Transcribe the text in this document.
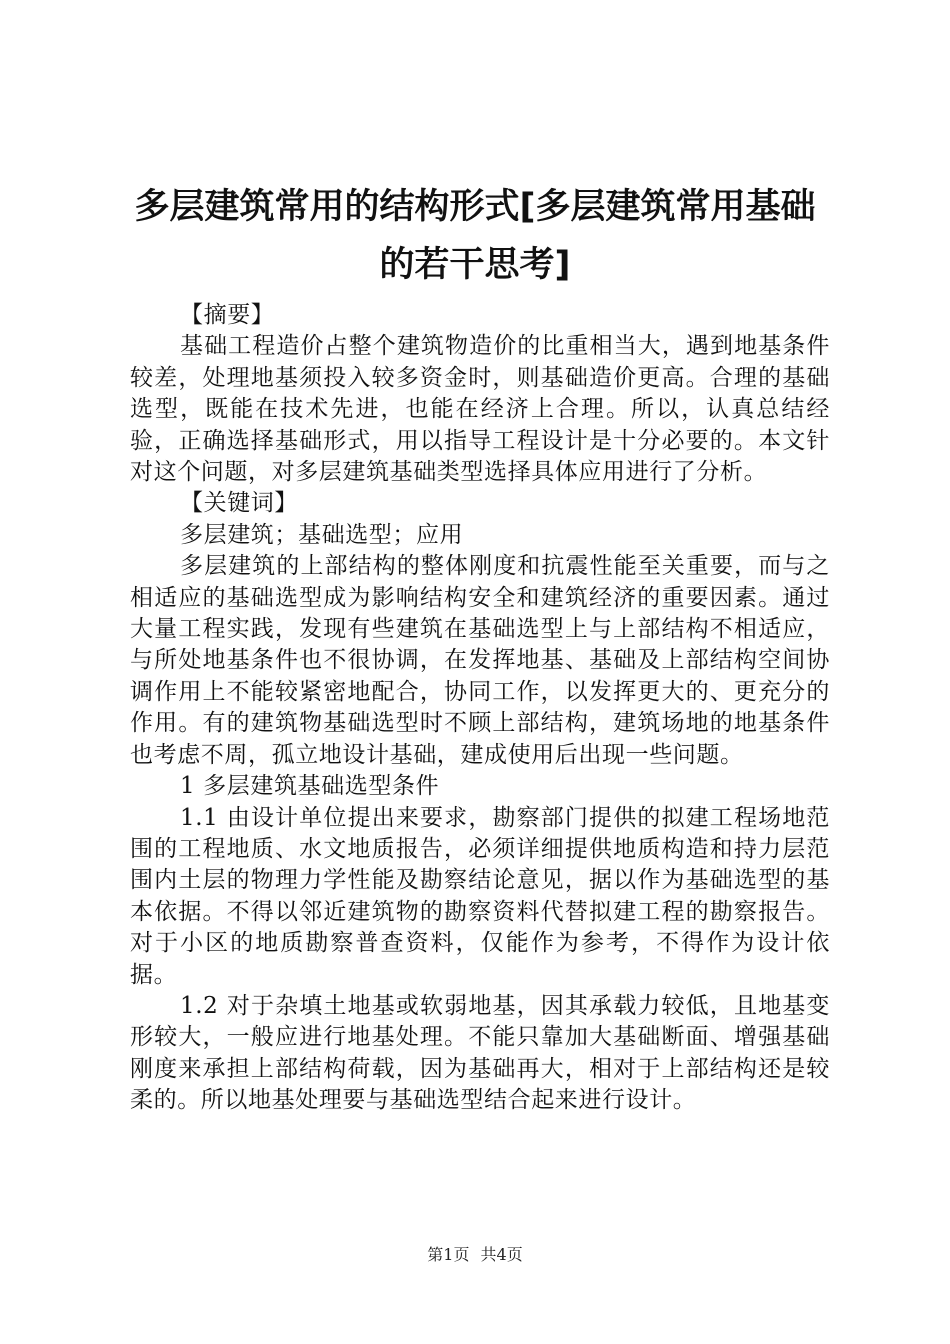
多层建筑常用的结构形式[多层建筑常用基础
的若干思考]

【摘要】

基础工程造价占整个建筑物造价的比重相当大，遇到地基条件较差，处理地基须投入较多资金时，则基础造价更高。合理的基础选型，既能在技术先进，也能在经济上合理。所以，认真总结经验，正确选择基础形式，用以指导工程设计是十分必要的。本文针对这个问题，对多层建筑基础类型选择具体应用进行了分析。

【关键词】

多层建筑；基础选型；应用

多层建筑的上部结构的整体刚度和抗震性能至关重要，而与之相适应的基础选型成为影响结构安全和建筑经济的重要因素。通过大量工程实践，发现有些建筑在基础选型上与上部结构不相适应，与所处地基条件也不很协调，在发挥地基、基础及上部结构空间协调作用上不能较紧密地配合，协同工作，以发挥更大的、更充分的作用。有的建筑物基础选型时不顾上部结构，建筑场地的地基条件也考虑不周，孤立地设计基础，建成使用后出现一些问题。

1 多层建筑基础选型条件

1.1 由设计单位提出来要求，勘察部门提供的拟建工程场地范围的工程地质、水文地质报告，必须详细提供地质构造和持力层范围内土层的物理力学性能及勘察结论意见，据以作为基础选型的基本依据。不得以邻近建筑物的勘察资料代替拟建工程的勘察报告。对于小区的地质勘察普查资料，仅能作为参考，不得作为设计依据。

1.2 对于杂填土地基或软弱地基，因其承载力较低，且地基变形较大，一般应进行地基处理。不能只靠加大基础断面、增强基础刚度来承担上部结构荷载，因为基础再大，相对于上部结构还是较柔的。所以地基处理要与基础选型结合起来进行设计。

第1页 共4页
